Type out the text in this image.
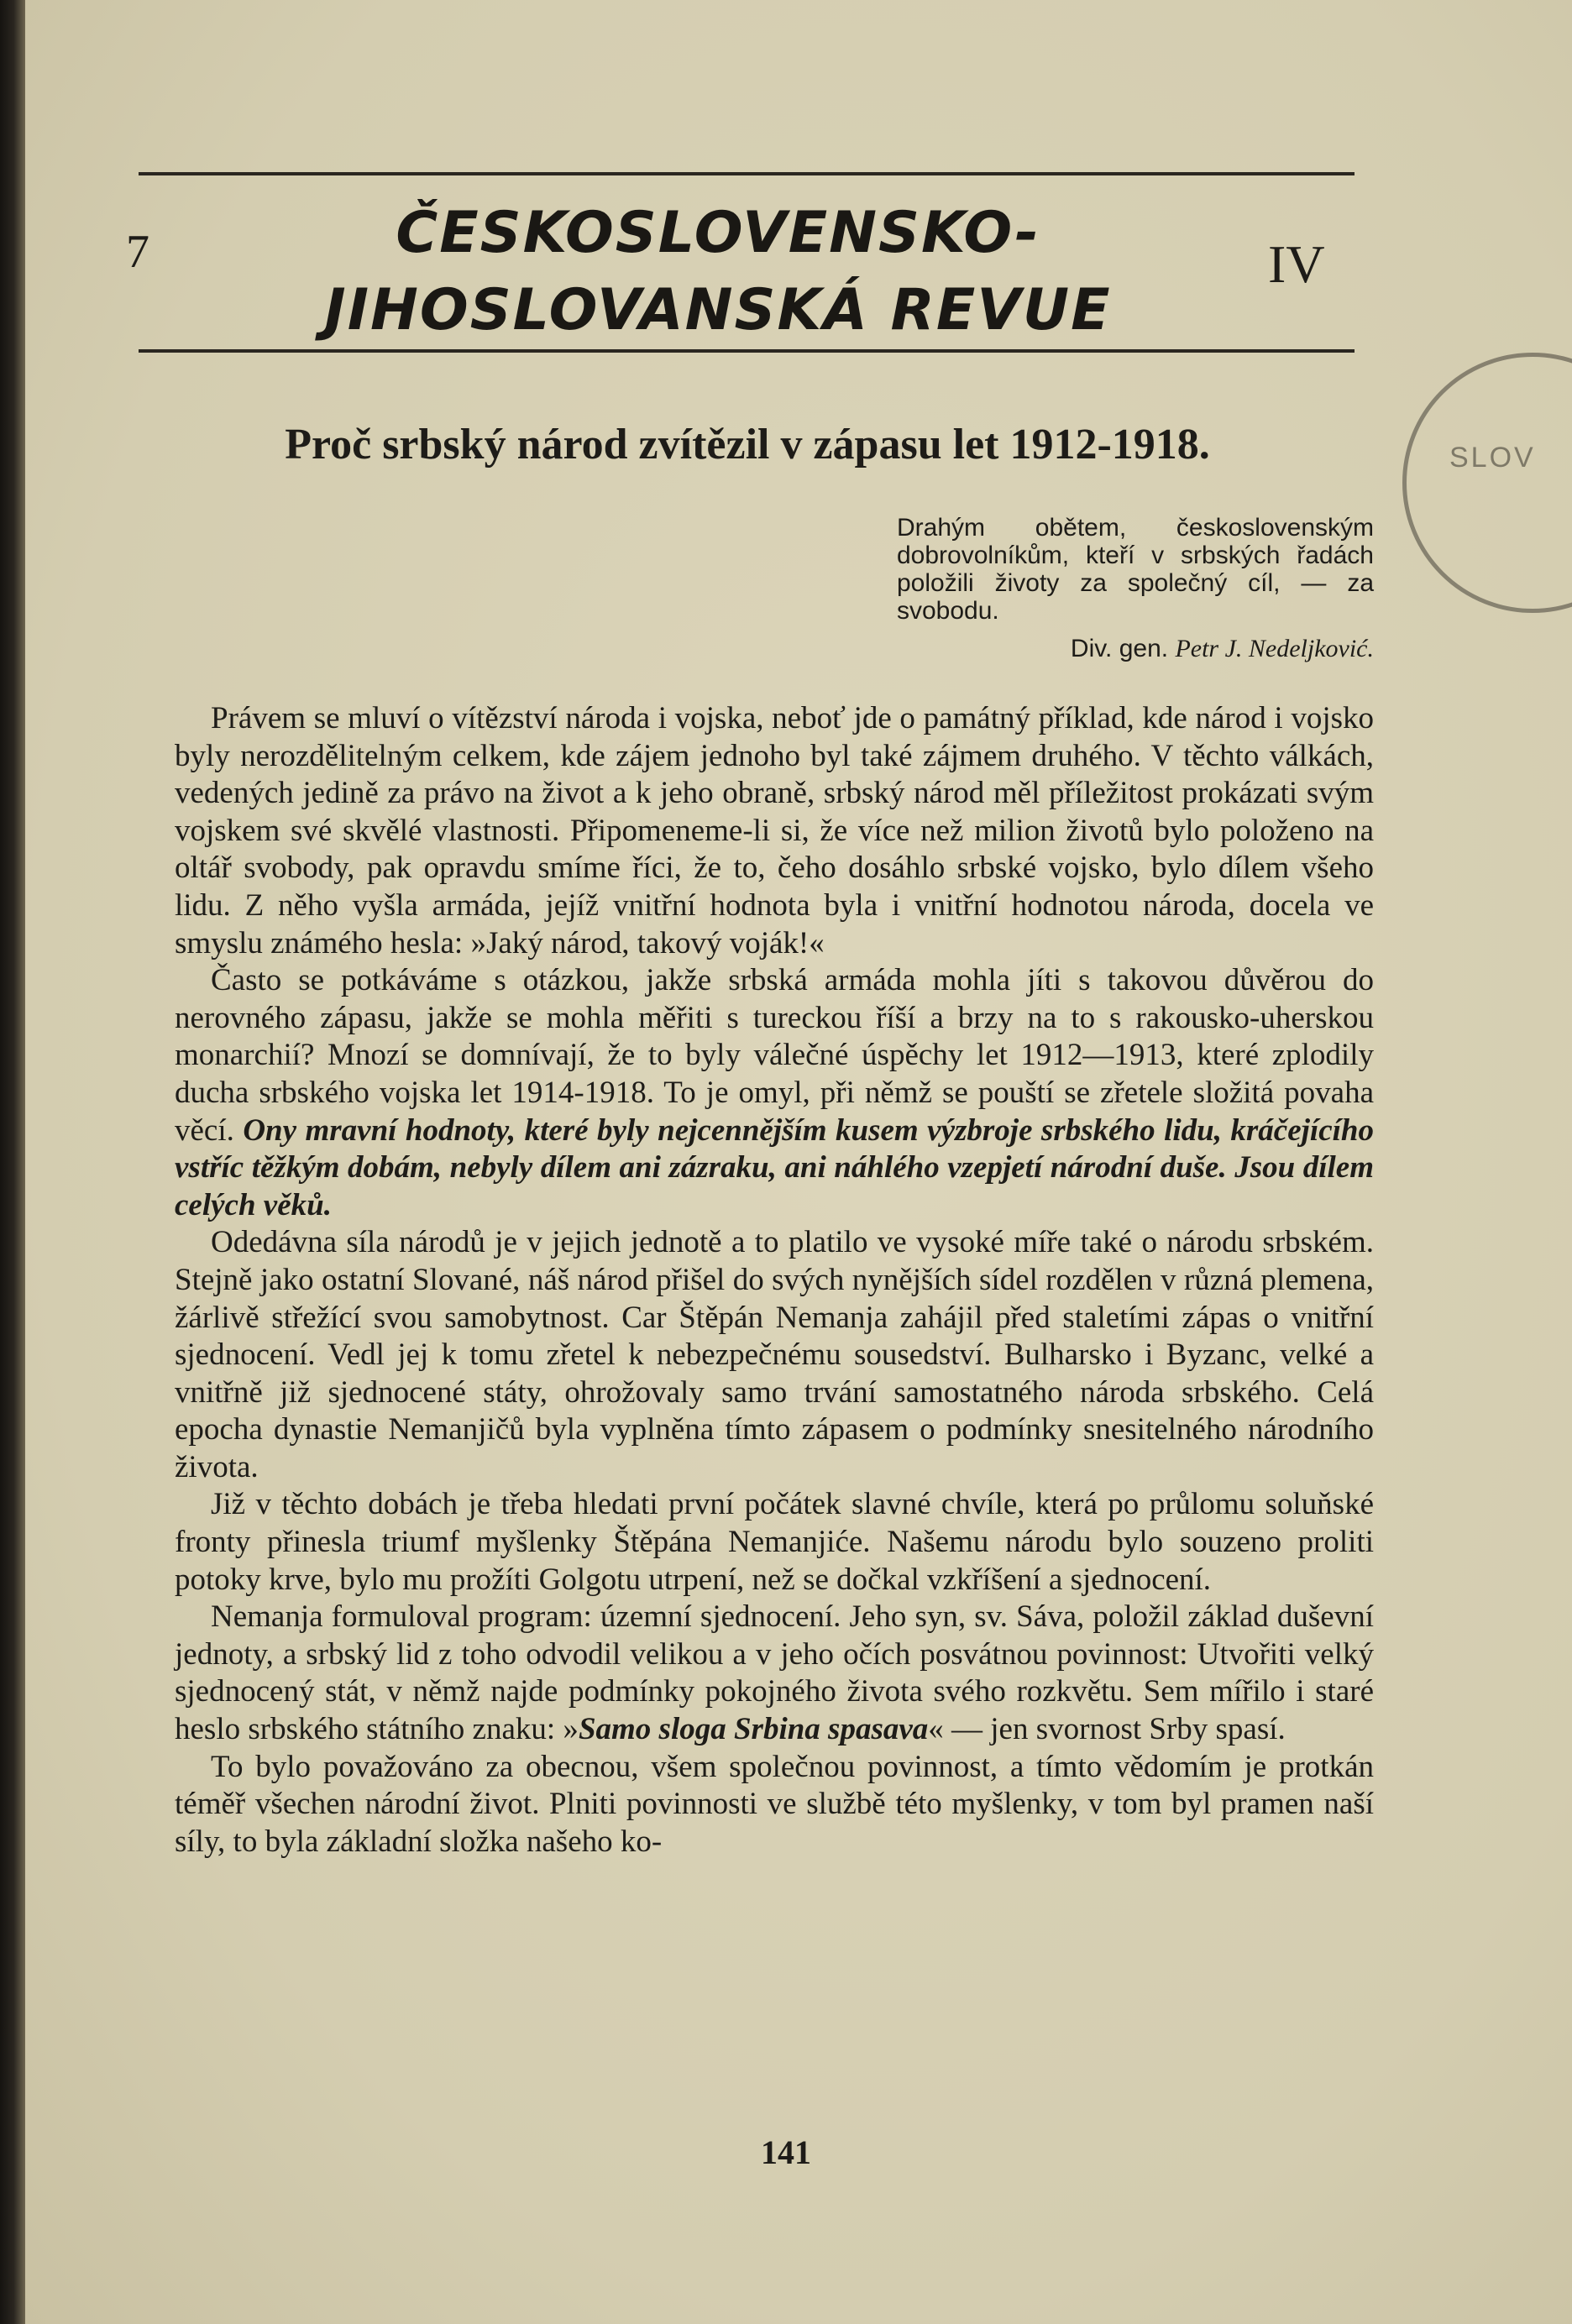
7	ČESKOSLOVENSKO-
JIHOSLOVANSKÁ REVUE
IV
SLOV
Proč srbský národ zvítězil v zápasu let 1912-1918.
Drahým obětem, československým dobrovolníkům, kteří v srbských řadách položili životy za společný cíl, — za svobodu.
Div. gen. Petr J. Nedeljković.

Právem se mluví o vítězství národa i vojska, neboť jde o památný příklad, kde národ i vojsko byly nerozdělitelným celkem, kde zájem jednoho byl také zájmem druhého. V těchto válkách, vedených jedině za právo na život a k jeho obraně, srbský národ měl příležitost prokázati svým vojskem své skvělé vlastnosti. Připomeneme-li si, že více než milion životů bylo položeno na oltář svobody, pak opravdu smíme říci, že to, čeho dosáhlo srbské vojsko, bylo dílem všeho lidu. Z něho vyšla armáda, jejíž vnitřní hodnota byla i vnitřní hodnotou národa, docela ve smyslu známého hesla: »Jaký národ, takový voják!«

Často se potkáváme s otázkou, jakže srbská armáda mohla jíti s takovou důvěrou do nerovného zápasu, jakže se mohla měřiti s tureckou říší a brzy na to s rakousko-uherskou monarchií? Mnozí se domnívají, že to byly válečné úspěchy let 1912—1913, které zplodily ducha srbského vojska let 1914-1918. To je omyl, při němž se pouští se zřetele složitá povaha věcí. Ony mravní hodnoty, které byly nejcennějším kusem výzbroje srbského lidu, kráčejícího vstříc těžkým dobám, nebyly dílem ani zázraku, ani náhlého vzepjetí národní duše. Jsou dílem celých věků.

Odedávna síla národů je v jejich jednotě a to platilo ve vysoké míře také o národu srbském. Stejně jako ostatní Slované, náš národ přišel do svých nynějších sídel rozdělen v různá plemena, žárlivě střežící svou samobytnost. Car Štěpán Nemanja zahájil před staletími zápas o vnitřní sjednocení. Vedl jej k tomu zřetel k nebezpečnému sousedství. Bulharsko i Byzanc, velké a vnitřně již sjednocené státy, ohrožovaly samo trvání samostatného národa srbského. Celá epocha dynastie Nemanjičů byla vyplněna tímto zápasem o podmínky snesitelného národního života.

Již v těchto dobách je třeba hledati první počátek slavné chvíle, která po průlomu soluňské fronty přinesla triumf myšlenky Štěpána Nemanjiće. Našemu národu bylo souzeno proliti potoky krve, bylo mu prožíti Golgotu utrpení, než se dočkal vzkříšení a sjednocení.

Nemanja formuloval program: územní sjednocení. Jeho syn, sv. Sáva, položil základ duševní jednoty, a srbský lid z toho odvodil velikou a v jeho očích posvátnou povinnost: Utvořiti velký sjednocený stát, v němž najde podmínky pokojného života svého rozkvětu. Sem mířilo i staré heslo srbského státního znaku: »Samo sloga Srbina spasava« — jen svornost Srby spasí.

To bylo považováno za obecnou, všem společnou povinnost, a tímto vědomím je protkán téměř všechen národní život. Plniti povinnosti ve službě této myšlenky, v tom byl pramen naší síly, to byla základní složka našeho ko-

141
